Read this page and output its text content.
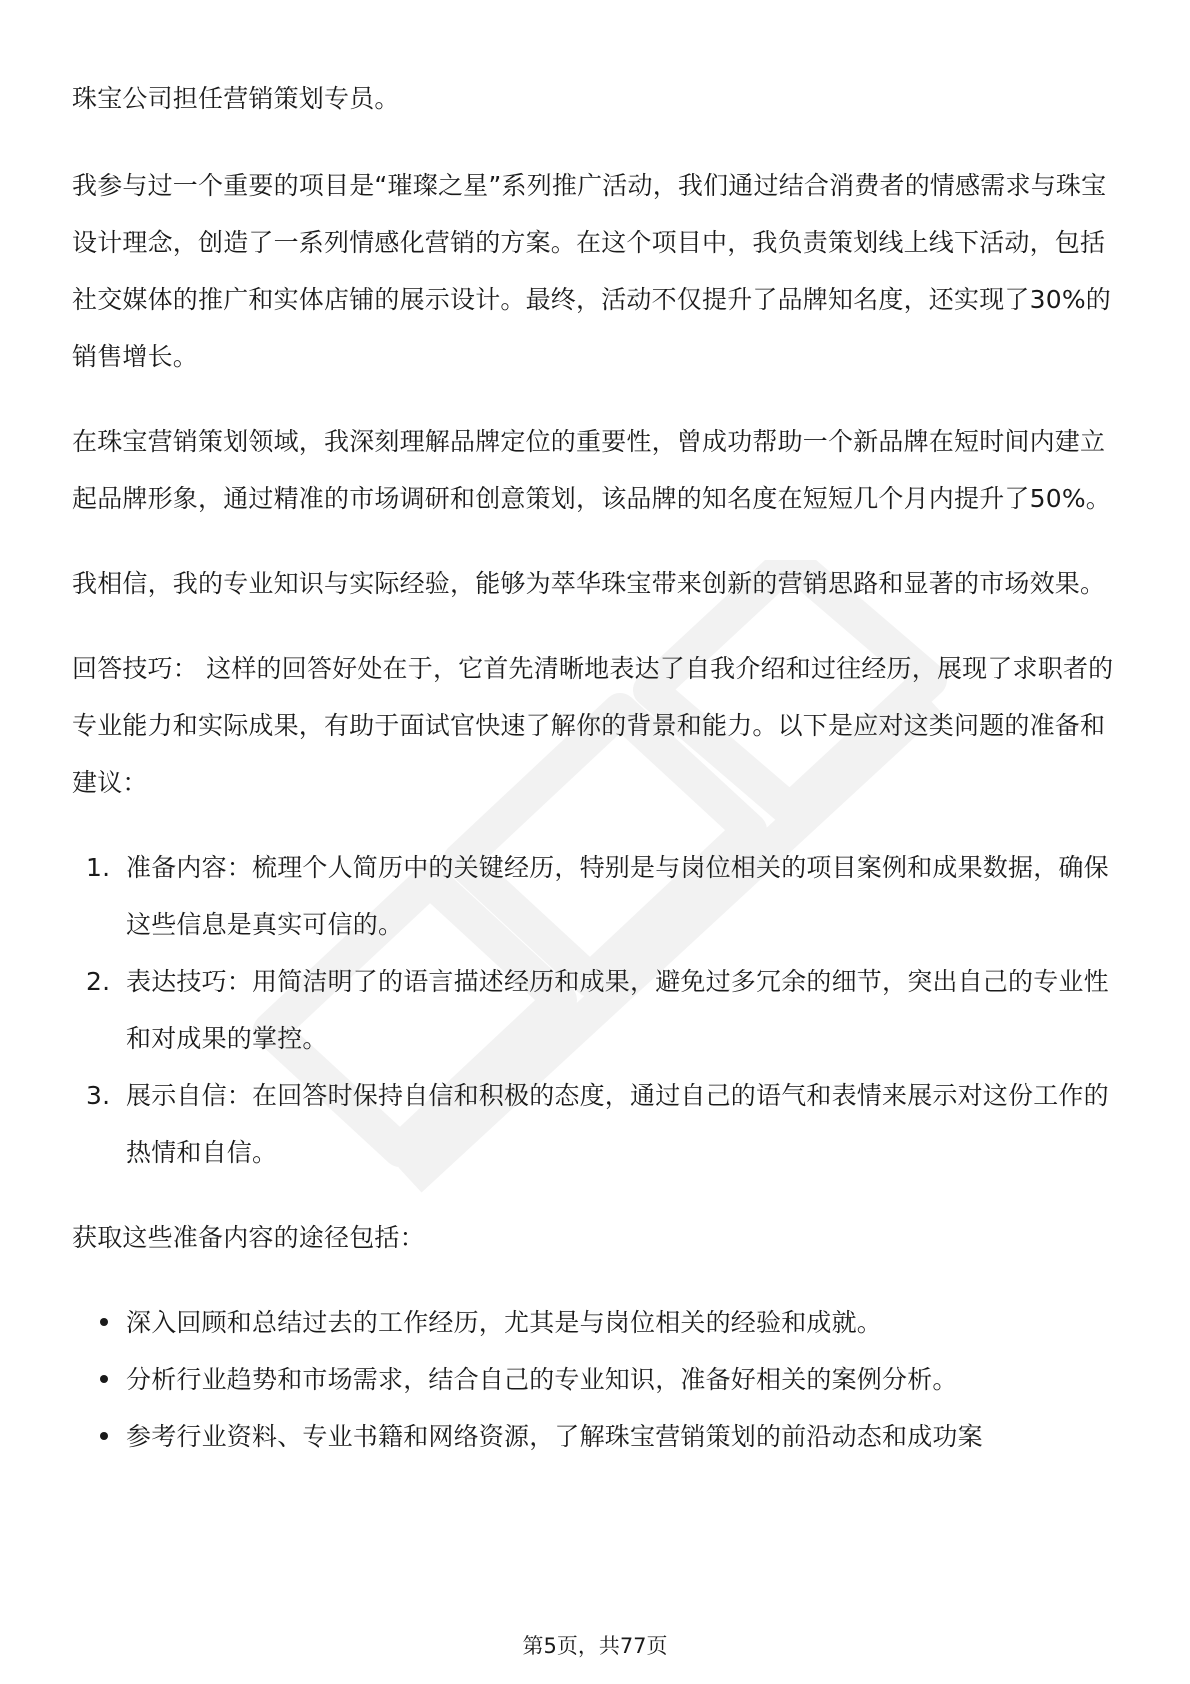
珠宝公司担任营销策划专员。

我参与过一个重要的项目是“璀璨之星”系列推广活动，我们通过结合消费者的情感需求与珠宝设计理念，创造了一系列情感化营销的方案。在这个项目中，我负责策划线上线下活动，包括社交媒体的推广和实体店铺的展示设计。最终，活动不仅提升了品牌知名度，还实现了30%的销售增长。

在珠宝营销策划领域，我深刻理解品牌定位的重要性，曾成功帮助一个新品牌在短时间内建立起品牌形象，通过精准的市场调研和创意策划，该品牌的知名度在短短几个月内提升了50%。

我相信，我的专业知识与实际经验，能够为萃华珠宝带来创新的营销思路和显著的市场效果。

回答技巧： 这样的回答好处在于，它首先清晰地表达了自我介绍和过往经历，展现了求职者的专业能力和实际成果，有助于面试官快速了解你的背景和能力。以下是应对这类问题的准备和建议：

1. 准备内容：梳理个人简历中的关键经历，特别是与岗位相关的项目案例和成果数据，确保这些信息是真实可信的。
2. 表达技巧：用简洁明了的语言描述经历和成果，避免过多冗余的细节，突出自己的专业性和对成果的掌控。
3. 展示自信：在回答时保持自信和积极的态度，通过自己的语气和表情来展示对这份工作的热情和自信。

获取这些准备内容的途径包括：

深入回顾和总结过去的工作经历，尤其是与岗位相关的经验和成就。
分析行业趋势和市场需求，结合自己的专业知识，准备好相关的案例分析。
参考行业资料、专业书籍和网络资源，了解珠宝营销策划的前沿动态和成功案
第5页，共77页
